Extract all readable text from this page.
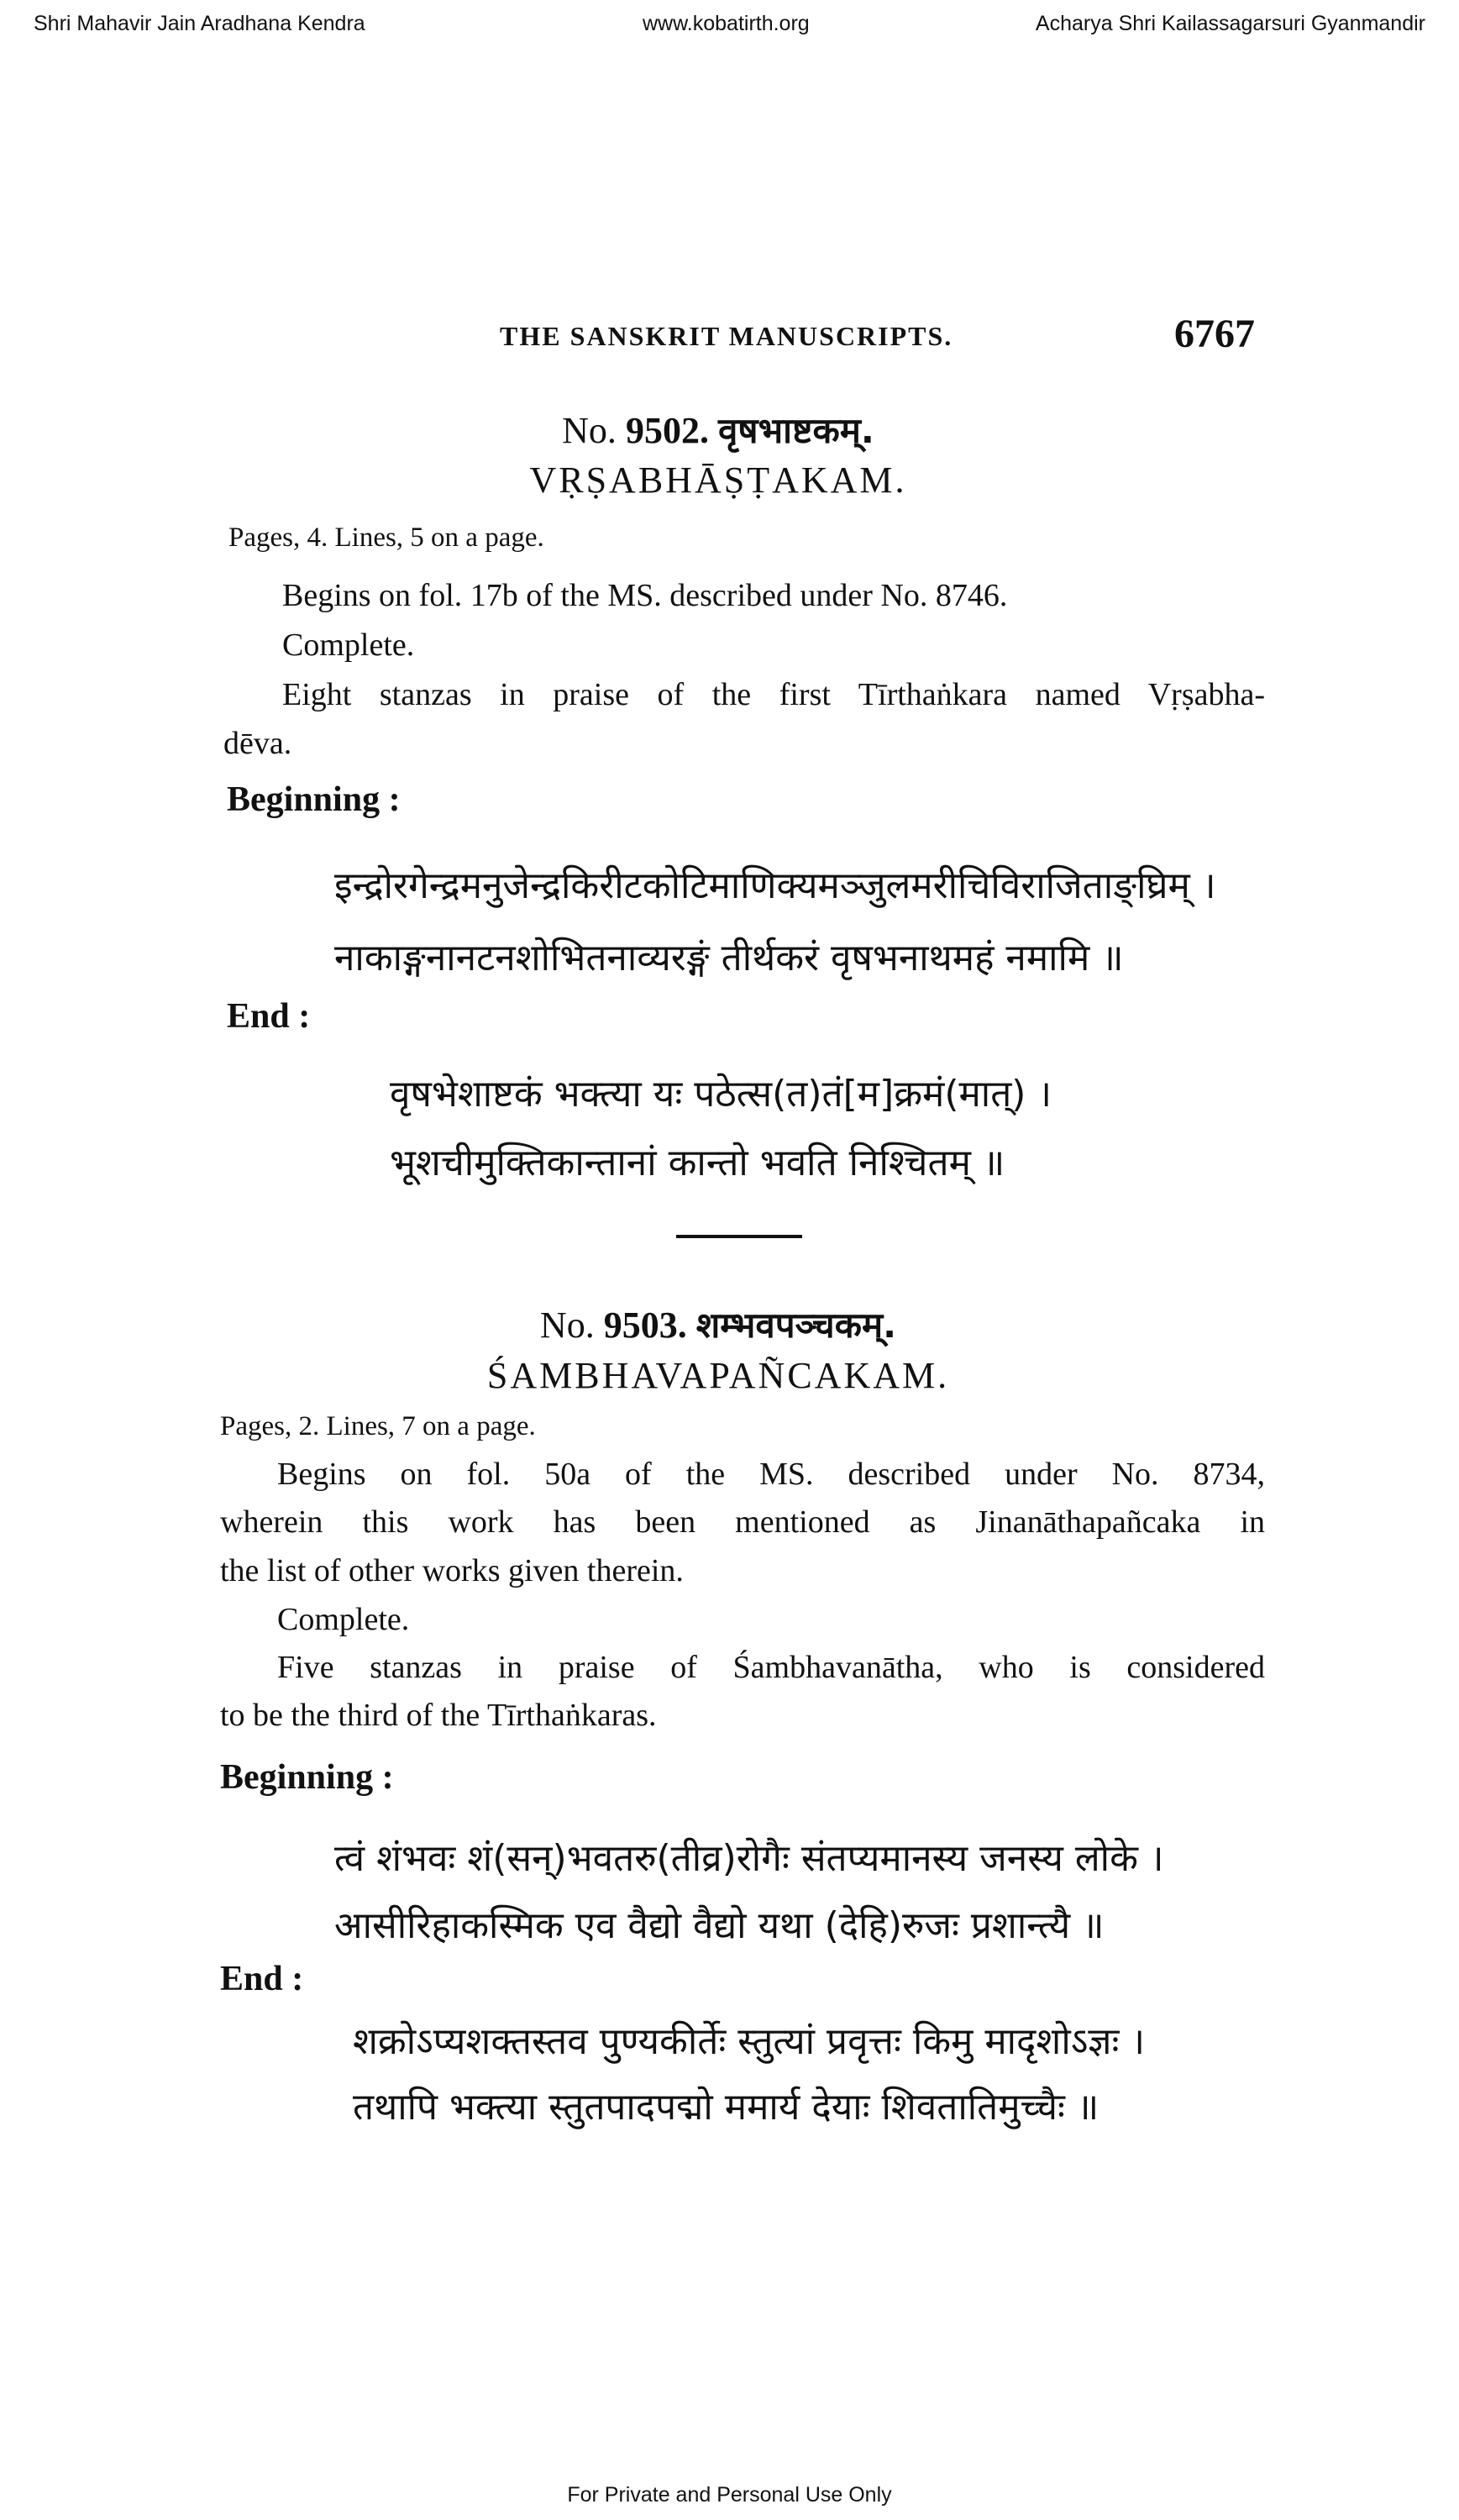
Shri Mahavir Jain Aradhana Kendra	www.kobatirth.org	Acharya Shri Kailassagarsuri Gyanmandir
THE SANSKRIT MANUSCRIPTS.	6767
No. 9502. वृषभाष्टकम्.
VṚṢABHĀṢṬAKAM.
Pages, 4. Lines, 5 on a page.
Begins on fol. 17b of the MS. described under No. 8746.
Complete.
Eight stanzas in praise of the first Tīrthaṅkara named Vṛṣabha-
dēva.
Beginning :
इन्द्रोरगेन्द्रमनुजेन्द्रकिरीटकोटिमाणिक्यमञ्जुलमरीचिविराजिताङ्घ्रिम् ।
नाकाङ्गनानटनशोभितनाव्यरङ्गं तीर्थकरं वृषभनाथमहं नमामि ॥
End :
वृषभेशाष्टकं भक्त्या यः पठेत्स(त)तं[म]क्रमं(मात्) ।
भूशचीमुक्तिकान्तानां कान्तो भवति निश्चितम् ॥
No. 9503. शम्भवपञ्चकम्.
ŚAMBHAVAPAÑCAKAM.
Pages, 2. Lines, 7 on a page.
Begins on fol. 50a of the MS. described under No. 8734,
wherein this work has been mentioned as Jinanāthapañcaka in
the list of other works given therein.
Complete.
Five stanzas in praise of Śambhavanātha, who is considered
to be the third of the Tīrthaṅkaras.
Beginning :
त्वं शंभवः शं(सन्)भवतरु(तीव्र)रोगैः संतप्यमानस्य जनस्य लोके ।
आसीरिहाकस्मिक एव वैद्यो वैद्यो यथा (देहि)रुजः प्रशान्त्यै ॥
End :
शक्रोऽप्यशक्तस्तव पुण्यकीर्तेः स्तुत्यां प्रवृत्तः किमु मादृशोऽज्ञः ।
तथापि भक्त्या स्तुतपादपद्मो ममार्य देयाः शिवतातिमुच्चैः ॥
For Private and Personal Use Only
